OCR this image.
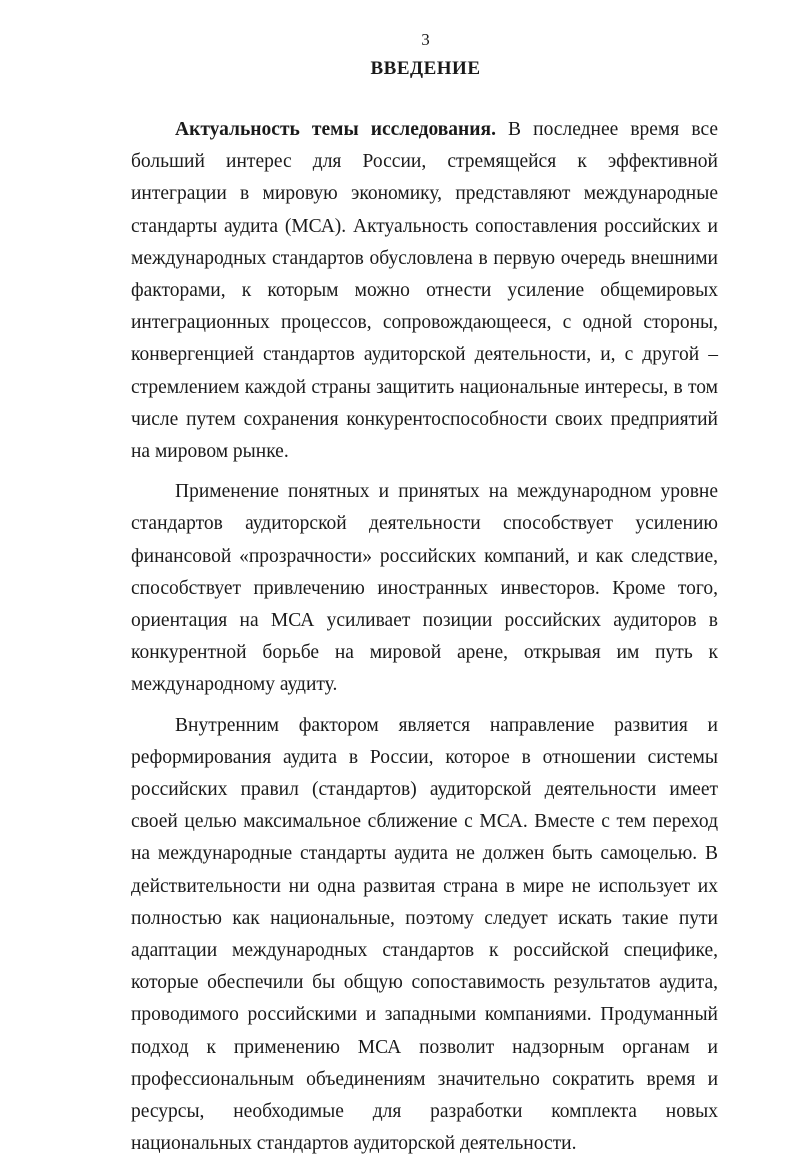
3
ВВЕДЕНИЕ

Актуальность темы исследования. В последнее время все больший интерес для России, стремящейся к эффективной интеграции в мировую экономику, представляют международные стандарты аудита (МСА). Актуальность сопоставления российских и международных стандартов обусловлена в первую очередь внешними факторами, к которым можно отнести усиление общемировых интеграционных процессов, сопровождающееся, с одной стороны, конвергенцией стандартов аудиторской деятельности, и, с другой – стремлением каждой страны защитить национальные интересы, в том числе путем сохранения конкурентоспособности своих предприятий на мировом рынке.

Применение понятных и принятых на международном уровне стандартов аудиторской деятельности способствует усилению финансовой «прозрачности» российских компаний, и как следствие, способствует привлечению иностранных инвесторов. Кроме того, ориентация на МСА усиливает позиции российских аудиторов в конкурентной борьбе на мировой арене, открывая им путь к международному аудиту.

Внутренним фактором является направление развития и реформирования аудита в России, которое в отношении системы российских правил (стандартов) аудиторской деятельности имеет своей целью максимальное сближение с МСА. Вместе с тем переход на международные стандарты аудита не должен быть самоцелью. В действительности ни одна развитая страна в мире не использует их полностью как национальные, поэтому следует искать такие пути адаптации международных стандартов к российской специфике, которые обеспечили бы общую сопоставимость результатов аудита, проводимого российскими и западными компаниями. Продуманный подход к применению МСА позволит надзорным органам и профессиональным объединениям значительно сократить время и ресурсы, необходимые для разработки комплекта новых национальных стандартов аудиторской деятельности.
